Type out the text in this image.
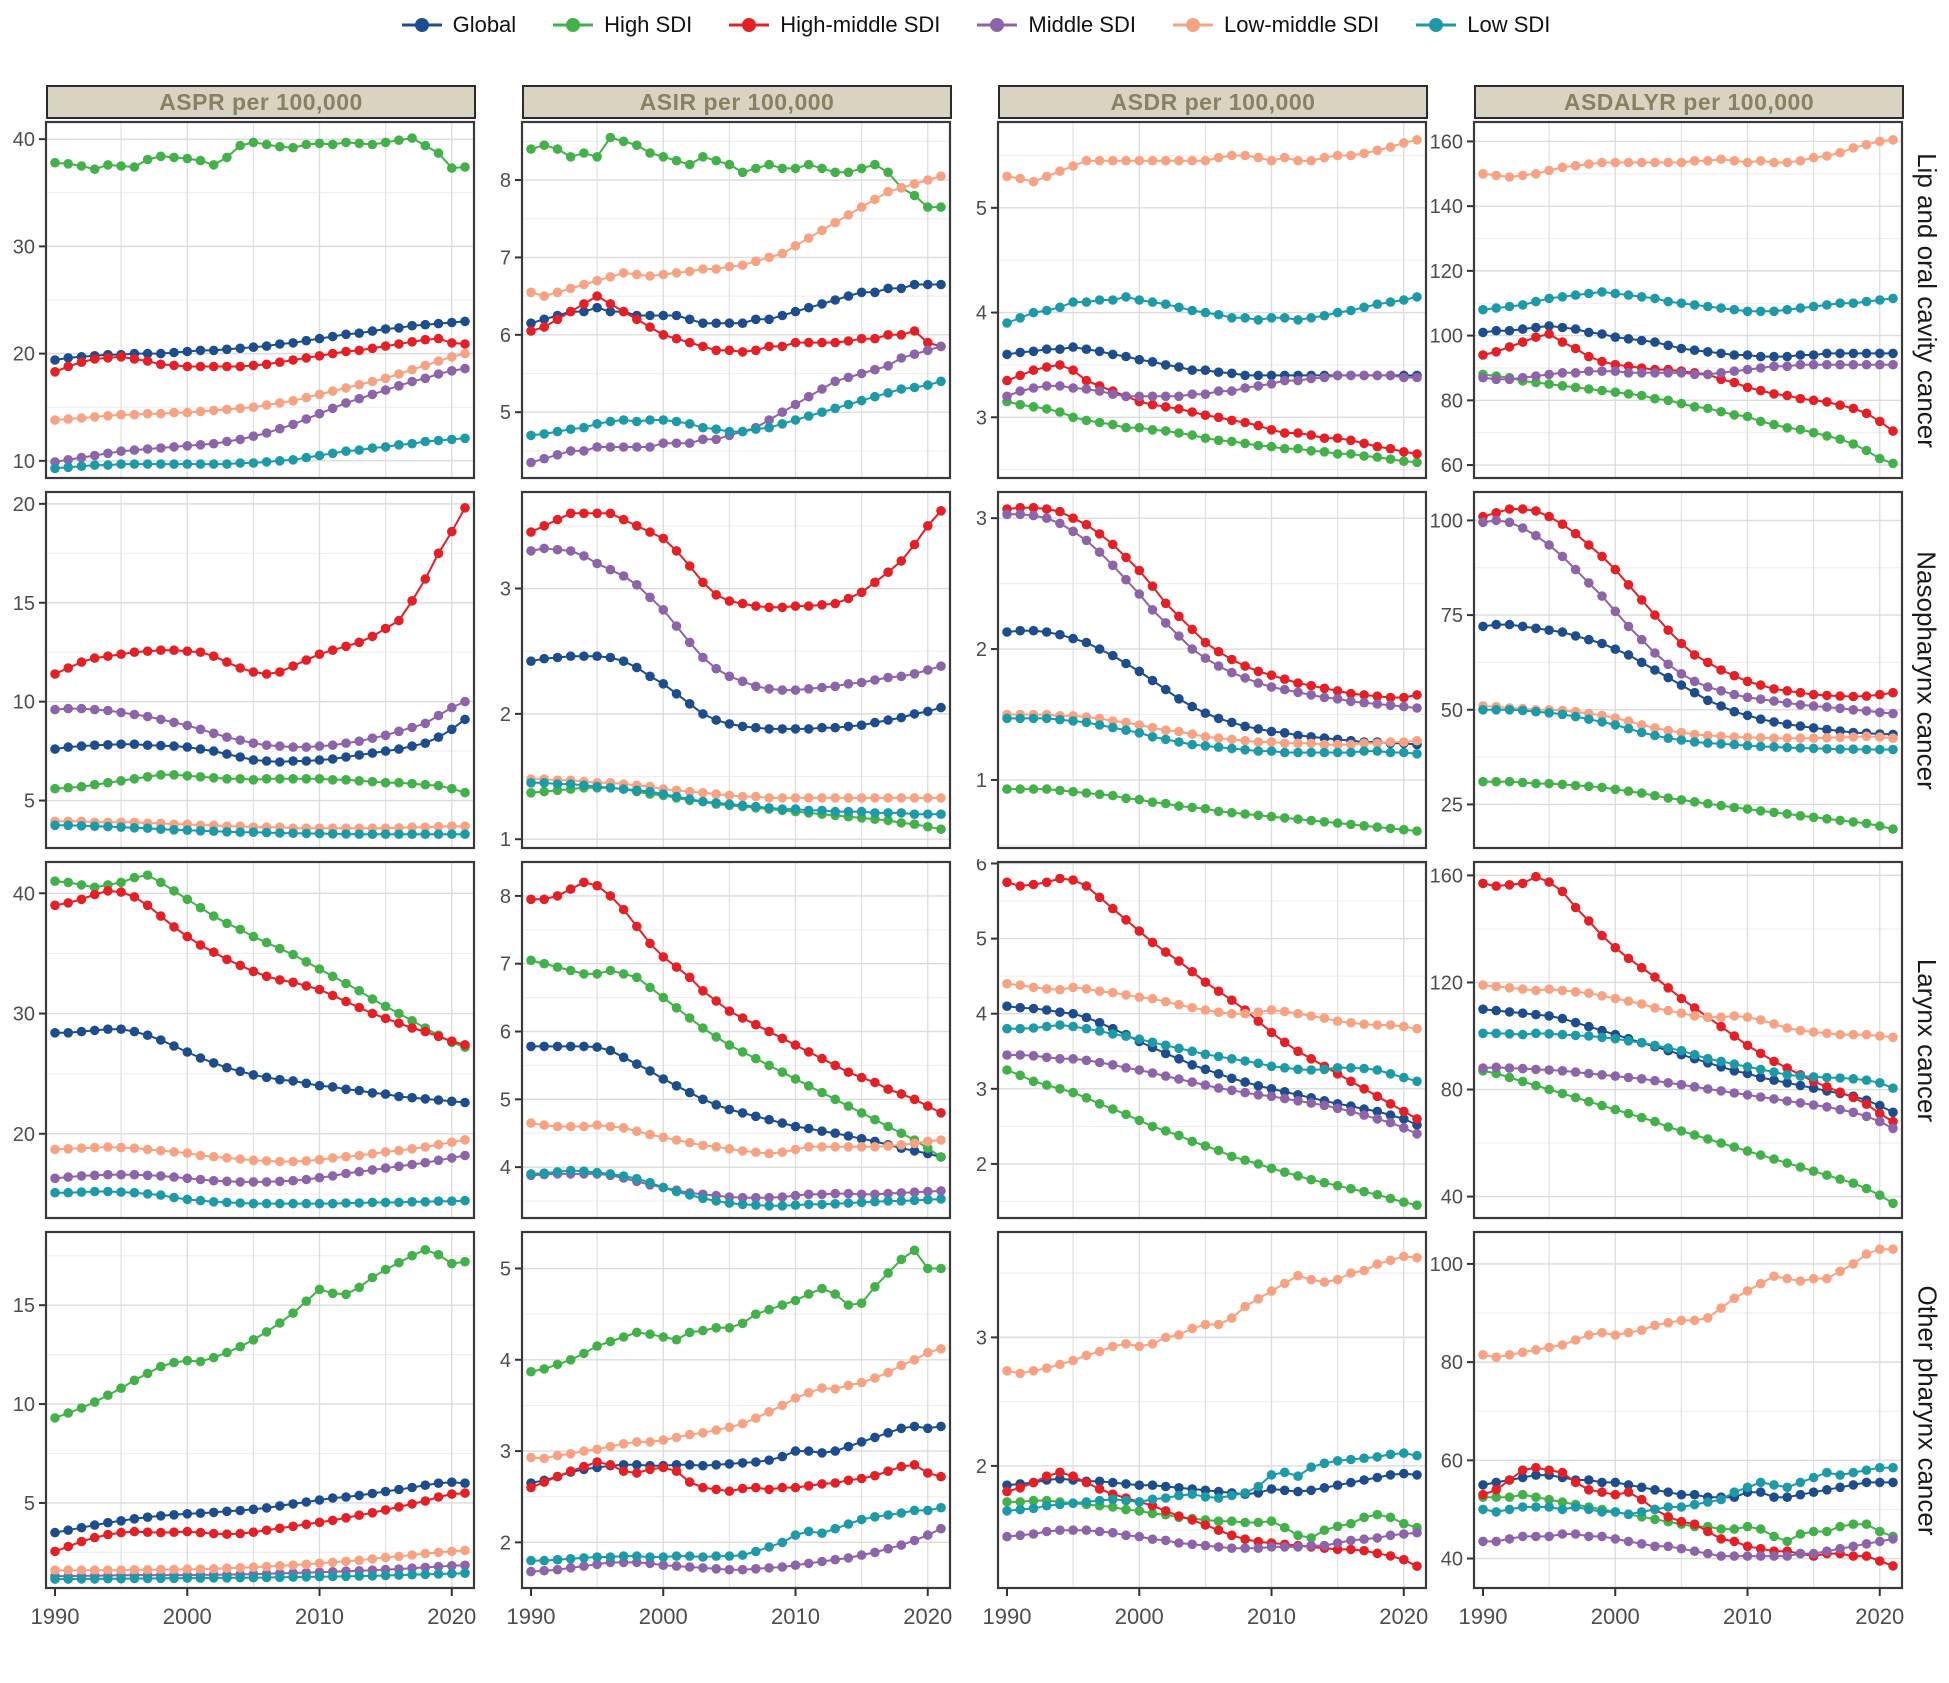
Global	High SDI	High-middle SDI	Middle SDI	Low-middle SDI	Low SDI
ASPR per 100,000	ASIR per 100,000	ASDR per 100,000	ASDALYR per 100,000
10
20
30
40
5
6
7
8
3
4
5
60
80
100
120
140
160
5
10
15
20
1
2
3
1
2
3
25
50
75
100
20
30
40
4
5
6
7
8
2
3
4
5
6
40
80
120
160
5
10
15
1990	2000	2010	2020
2
3
4
5
1990	2000	2010	2020
2
3
1990	2000	2010	2020
40
60
80
100
1990	2000	2010	2020
Lip and oral cavity cancer
Nasopharynx cancer
Larynx cancer
Other pharynx cancer
